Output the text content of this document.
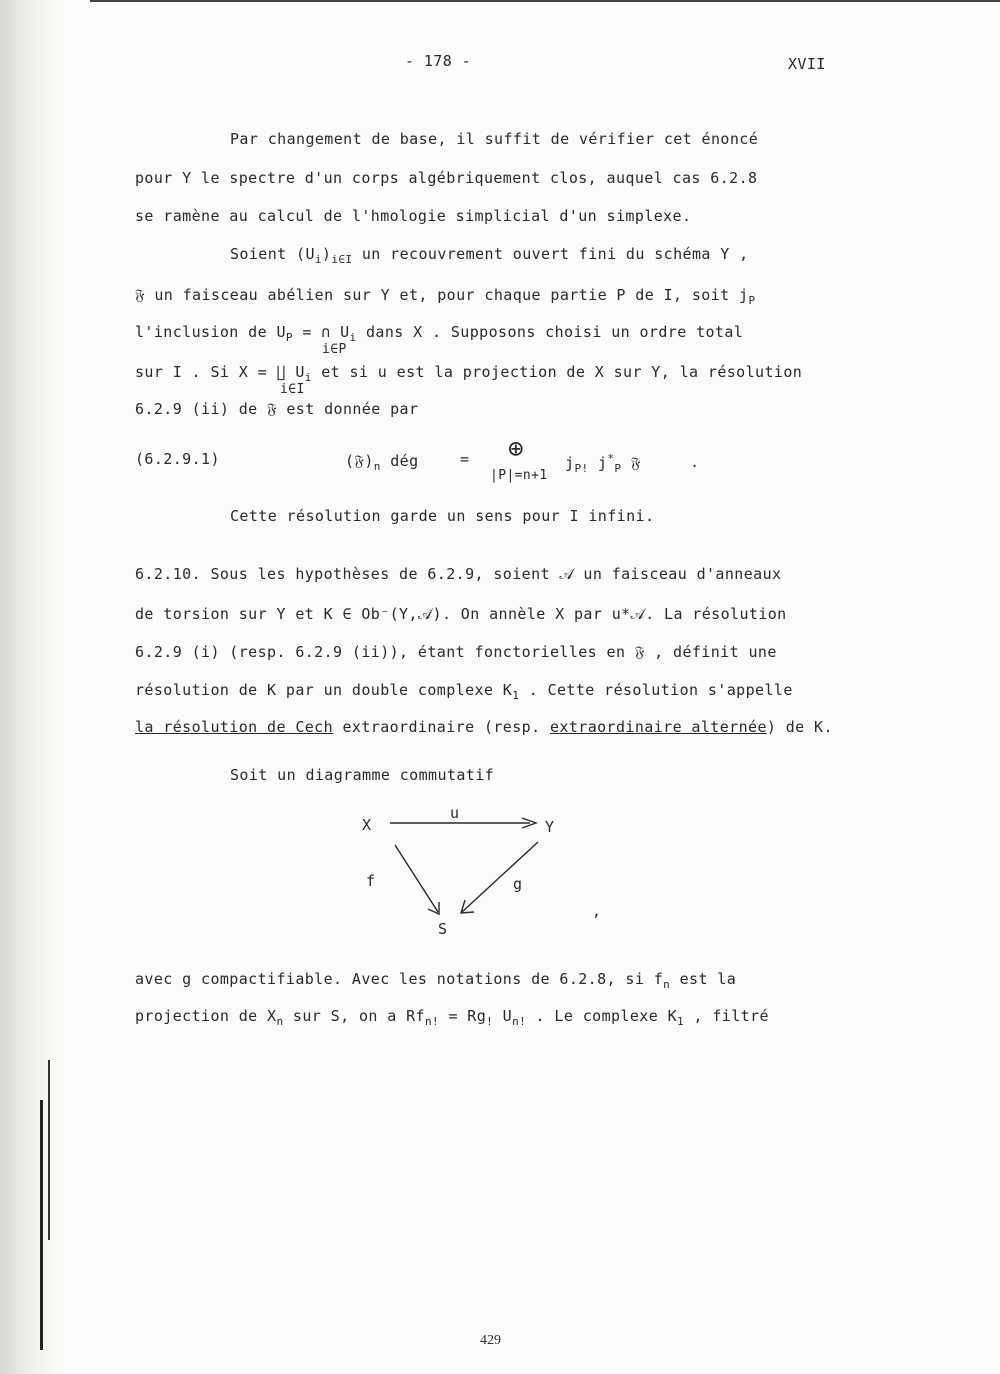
- 178 -	XVII
Par changement de base, il suffit de vérifier cet énoncé
pour Y le spectre d'un corps algébriquement clos, auquel cas 6.2.8
se ramène au calcul de l'hmologie simplicial d'un simplexe.
Soient $(U_i)_{i\in I}$ un recouvrement ouvert fini du schéma Y ,
𝔉 un faisceau abélien sur Y et, pour chaque partie P de I, soit $j_P$
l'inclusion de $U_P$ = ∩ $U_i$ dans X . Supposons choisi un ordre total
i∈P
sur I . Si X = ∐ $U_i$ et si u est la projection de X sur Y, la résolution
i∈I
6.2.9 (ii) de 𝔉 est donnée par
(6.2.9.1)	$(𝔉)_n$ dég	= ⊕
|P|=n+1
$j_{P!}$ $j^*_P$ 𝔉	.
Cette résolution garde un sens pour I infini.
6.2.10. Sous les hypothèses de 6.2.9, soient 𝒜 un faisceau d'anneaux
de torsion sur Y et K ∈ Ob⁻(Y,𝒜). On annèle X par u*𝒜. La résolution
6.2.9 (i) (resp. 6.2.9 (ii)), étant fonctorielles en 𝔉 , définit une
résolution de K par un double complexe $K_1$ . Cette résolution s'appelle
la résolution de Cech extraordinaire (resp. extraordinaire alternée) de K.
Soit un diagramme commutatif
X	Y
S
u
f	g
,
avec g compactifiable. Avec les notations de 6.2.8, si $f_n$ est la
projection de $X_n$ sur S, on a $Rf_{n!} = Rg_!$ $U_{n!}$ . Le complexe $K_1$ , filtré
429
